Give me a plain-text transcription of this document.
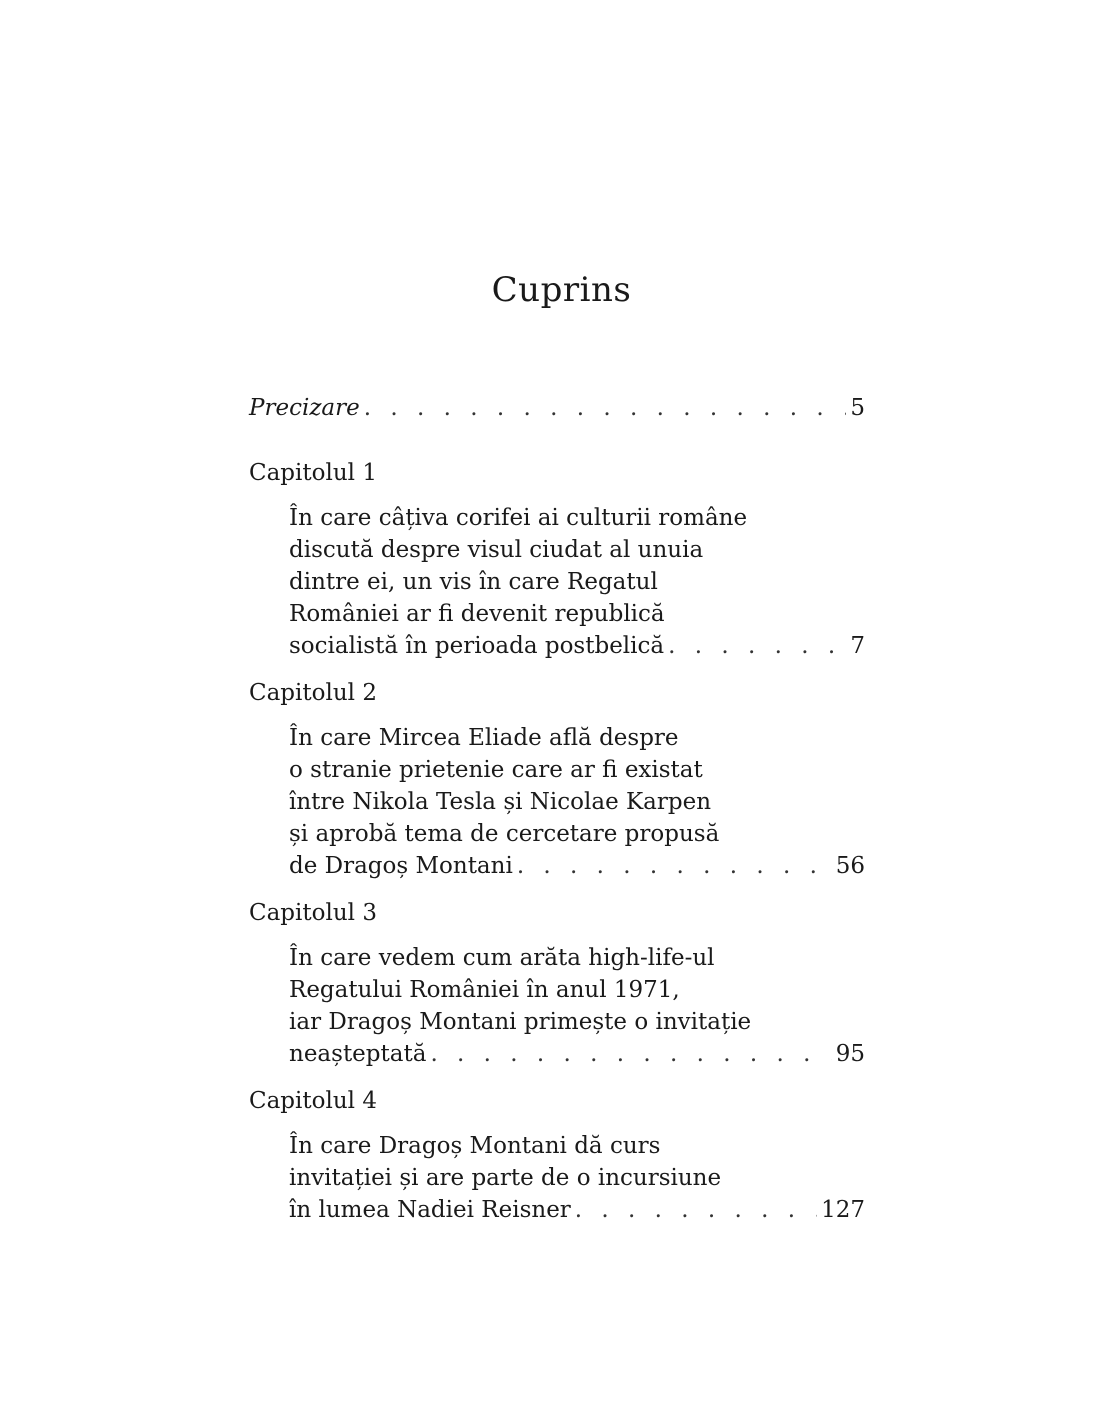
Cuprins
Precizare . . .	5
Capitolul 1
În care câțiva corifei ai culturii române
discută despre visul ciudat al unuia
dintre ei, un vis în care Regatul
României ar fi devenit republică
socialistă în perioada postbelică . . .	7
Capitolul 2
În care Mircea Eliade află despre
o stranie prietenie care ar fi existat
între Nikola Tesla și Nicolae Karpen
și aprobă tema de cercetare propusă
de Dragoș Montani . . .	56
Capitolul 3
În care vedem cum arăta high-life-ul
Regatului României în anul 1971,
iar Dragoș Montani primește o invitație
neașteptată . . .	95
Capitolul 4
În care Dragoș Montani dă curs
invitației și are parte de o incursiune
în lumea Nadiei Reisner . . .	127
